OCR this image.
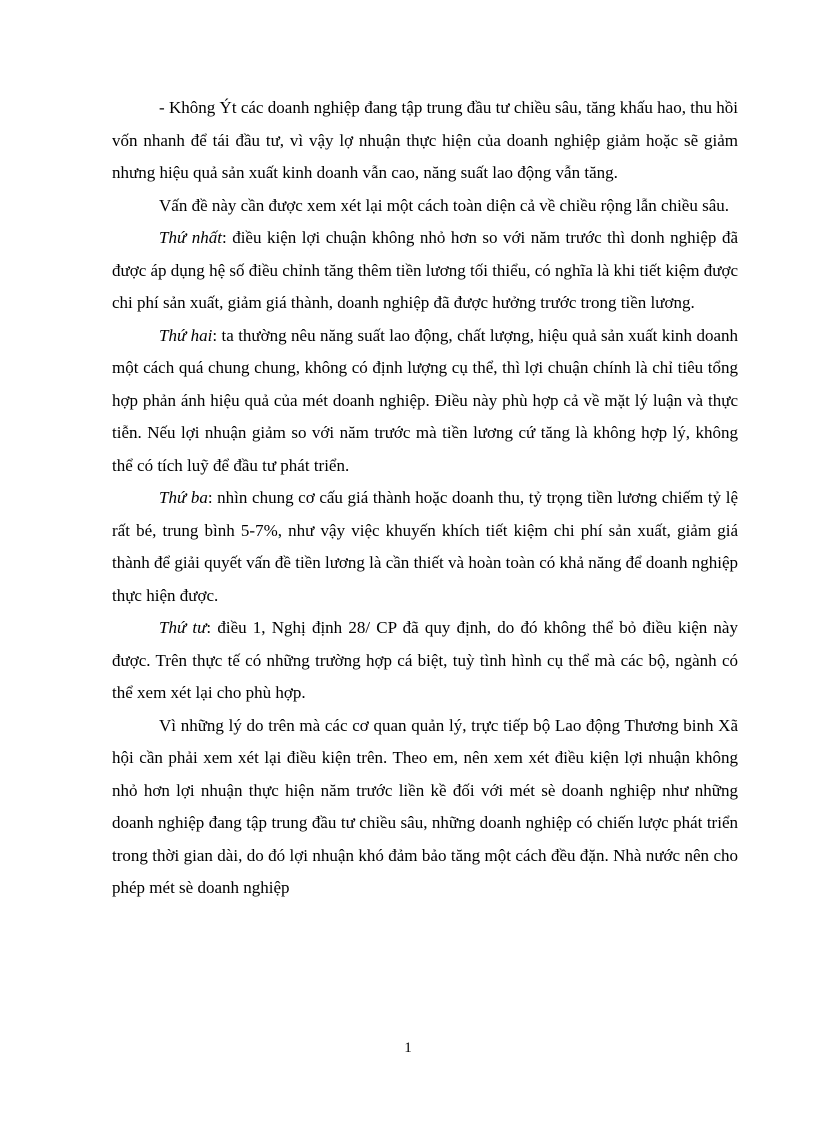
- Không Ýt các doanh nghiệp đang tập trung đầu tư chiều sâu, tăng khấu hao, thu hồi vốn nhanh để tái đầu tư, vì vậy lợ nhuận thực hiện của doanh nghiệp giảm hoặc sẽ giảm nhưng hiệu quả sản xuất kinh doanh vẫn cao, năng suất lao động vẫn tăng.

Vấn đề này cần được xem xét lại một cách toàn diện cả về chiều rộng lẫn chiều sâu.

Thứ nhất: điều kiện lợi chuận không nhỏ hơn so với năm trước thì donh nghiệp đã được áp dụng hệ số điều chỉnh tăng thêm tiền lương tối thiểu, có nghĩa là khi tiết kiệm được chi phí sản xuất, giảm giá thành, doanh nghiệp đã được hưởng trước trong tiền lương.

Thứ hai: ta thường nêu năng suất lao động, chất lượng, hiệu quả sản xuất kinh doanh một cách quá chung chung, không có định lượng cụ thể, thì lợi chuận chính là chỉ tiêu tổng hợp phản ánh hiệu quả của mét doanh nghiệp. Điều này phù hợp cả về mặt lý luận và thực tiễn. Nếu lợi nhuận giảm so với năm trước mà tiền lương cứ tăng là không hợp lý, không thể có tích luỹ để đầu tư phát triển.

Thứ ba: nhìn chung cơ cấu giá thành hoặc doanh thu, tỷ trọng tiền lương chiếm tỷ lệ rất bé, trung bình 5-7%, như vậy việc khuyến khích tiết kiệm chi phí sản xuất, giảm giá thành để giải quyết vấn đề tiền lương là cần thiết và hoàn toàn có khả năng để doanh nghiệp thực hiện được.

Thứ tư: điều 1, Nghị định 28/ CP đã quy định, do đó không thể bỏ điều kiện này được. Trên thực tế có những trường hợp cá biệt, tuỳ tình hình cụ thể mà các bộ, ngành có thể xem xét lại cho phù hợp.

Vì những lý do trên mà các cơ quan quản lý, trực tiếp bộ Lao động Thương binh Xã hội cần phải xem xét lại điều kiện trên. Theo em, nên xem xét điều kiện lợi nhuận không nhỏ hơn lợi nhuận thực hiện năm trước liền kề đối với mét sè doanh nghiệp như những doanh nghiệp đang tập trung đầu tư chiều sâu, những doanh nghiệp có chiến lược phát triển trong thời gian dài, do đó lợi nhuận khó đảm bảo tăng một cách đều đặn. Nhà nước nên cho phép mét sè doanh nghiệp

1
